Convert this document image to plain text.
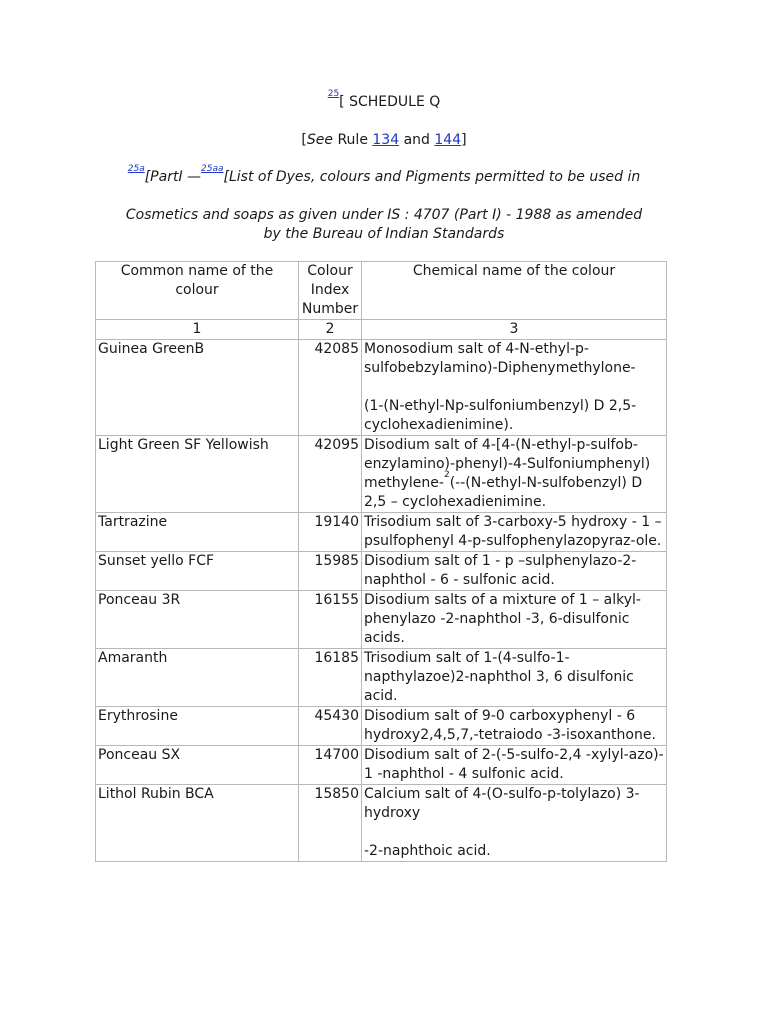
$^{25}$[ SCHEDULE Q
[See Rule 134 and 144]
$^{25a}$[PartI —$^{25aa}$[List of Dyes, colours and Pigments permitted to be used in
Cosmetics and soaps as given under IS : 4707 (Part I) - 1988 as amended
by the Bureau of Indian Standards
Common name of the colour	Colour Index Number	Chemical name of the colour
1	2	3
Guinea GreenB	42085	Monosodium salt of 4-N-ethyl-p-sulfobebzylamino)-Diphenymethylone-
(1-(N-ethyl-Np-sulfoniumbenzyl) D 2,5-cyclohexadienimine).
Light Green SF Yellowish	42095	Disodium salt of 4-[4-(N-ethyl-p-sulfob-enzylamino)-phenyl)-4-Sulfoniumphenyl) methylene-$^2$(--(N-ethyl-N-sulfobenzyl) D 2,5 – cyclohexadienimine.
Tartrazine	19140	Trisodium salt of 3-carboxy-5 hydroxy - 1 –psulfophenyl 4-p-sulfophenylazopyraz-ole.
Sunset yello FCF	15985	Disodium salt of 1 - p –sulphenylazo-2- naphthol - 6 - sulfonic acid.
Ponceau 3R	16155	Disodium salts of a mixture of 1 – alkyl- phenylazo -2-naphthol -3, 6-disulfonic acids.
Amaranth	16185	Trisodium salt of 1-(4-sulfo-1-napthylazoe)2-naphthol 3, 6 disulfonic acid.
Erythrosine	45430	Disodium salt of 9-0 carboxyphenyl - 6 hydroxy2,4,5,7,-tetraiodo -3-isoxanthone.
Ponceau SX	14700	Disodium salt of 2-(-5-sulfo-2,4 -xylyl-azo)- 1 -naphthol - 4 sulfonic acid.
Lithol Rubin BCA	15850	Calcium salt of 4-(O-sulfo-p-tolylazo) 3-hydroxy
-2-naphthoic acid.
